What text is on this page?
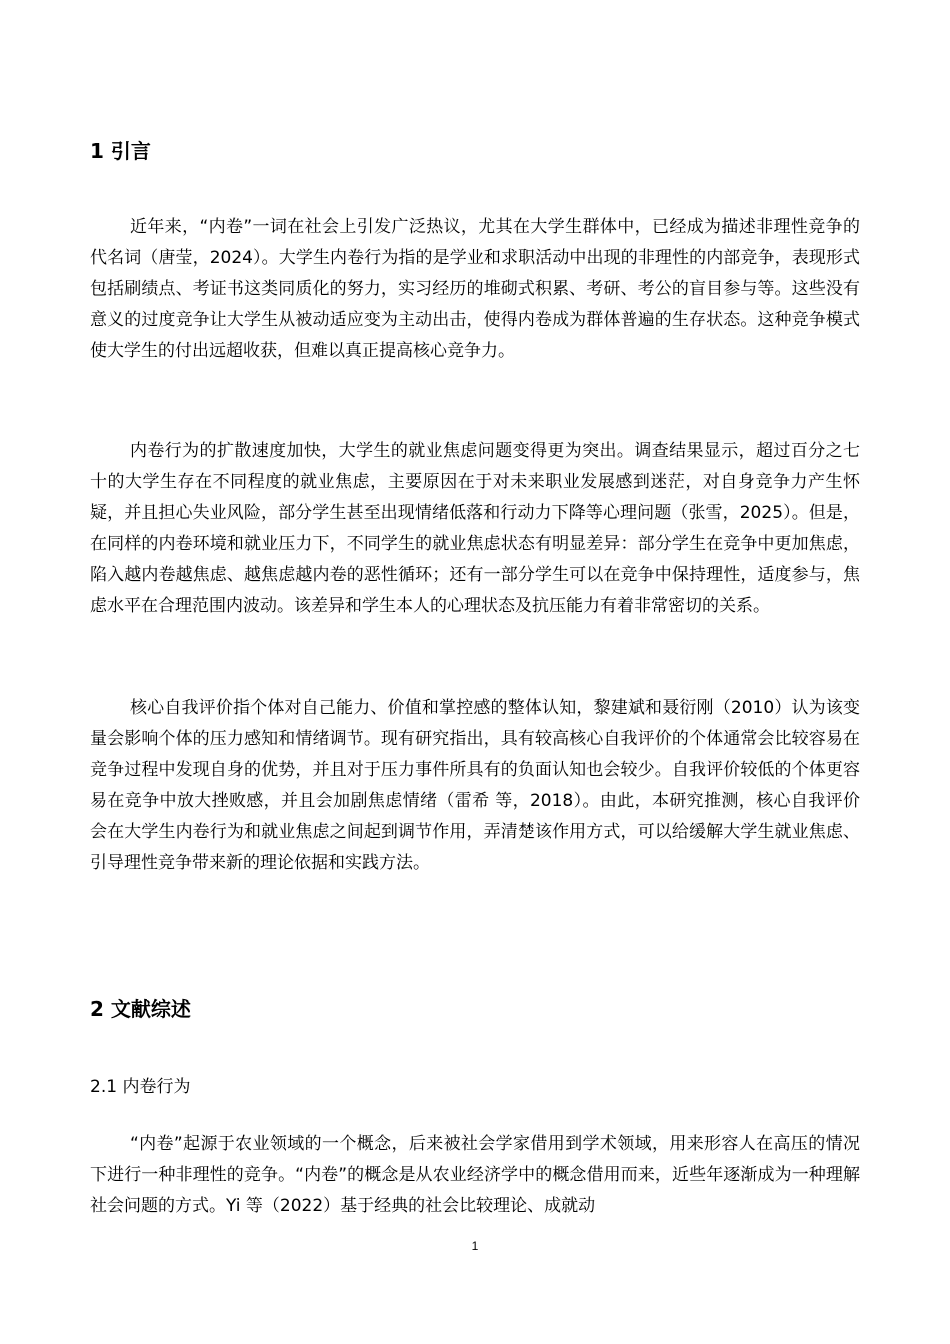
1 引言

近年来，“内卷”一词在社会上引发广泛热议，尤其在大学生群体中，已经成为描述非理性竞争的代名词（唐莹，2024）。大学生内卷行为指的是学业和求职活动中出现的非理性的内部竞争，表现形式包括刷绩点、考证书这类同质化的努力，实习经历的堆砌式积累、考研、考公的盲目参与等。这些没有意义的过度竞争让大学生从被动适应变为主动出击，使得内卷成为群体普遍的生存状态。这种竞争模式使大学生的付出远超收获，但难以真正提高核心竞争力。

内卷行为的扩散速度加快，大学生的就业焦虑问题变得更为突出。调查结果显示，超过百分之七十的大学生存在不同程度的就业焦虑，主要原因在于对未来职业发展感到迷茫，对自身竞争力产生怀疑，并且担心失业风险，部分学生甚至出现情绪低落和行动力下降等心理问题（张雪，2025）。但是，在同样的内卷环境和就业压力下，不同学生的就业焦虑状态有明显差异：部分学生在竞争中更加焦虑，陷入越内卷越焦虑、越焦虑越内卷的恶性循环；还有一部分学生可以在竞争中保持理性，适度参与，焦虑水平在合理范围内波动。该差异和学生本人的心理状态及抗压能力有着非常密切的关系。

核心自我评价指个体对自己能力、价值和掌控感的整体认知，黎建斌和聂衍刚（2010）认为该变量会影响个体的压力感知和情绪调节。现有研究指出，具有较高核心自我评价的个体通常会比较容易在竞争过程中发现自身的优势，并且对于压力事件所具有的负面认知也会较少。自我评价较低的个体更容易在竞争中放大挫败感，并且会加剧焦虑情绪（雷希 等，2018）。由此，本研究推测，核心自我评价会在大学生内卷行为和就业焦虑之间起到调节作用，弄清楚该作用方式，可以给缓解大学生就业焦虑、引导理性竞争带来新的理论依据和实践方法。

2 文献综述
2.1 内卷行为

“内卷”起源于农业领域的一个概念，后来被社会学家借用到学术领域，用来形容人在高压的情况下进行一种非理性的竞争。“内卷”的概念是从农业经济学中的概念借用而来，近些年逐渐成为一种理解社会问题的方式。Yi 等（2022）基于经典的社会比较理论、成就动

1
